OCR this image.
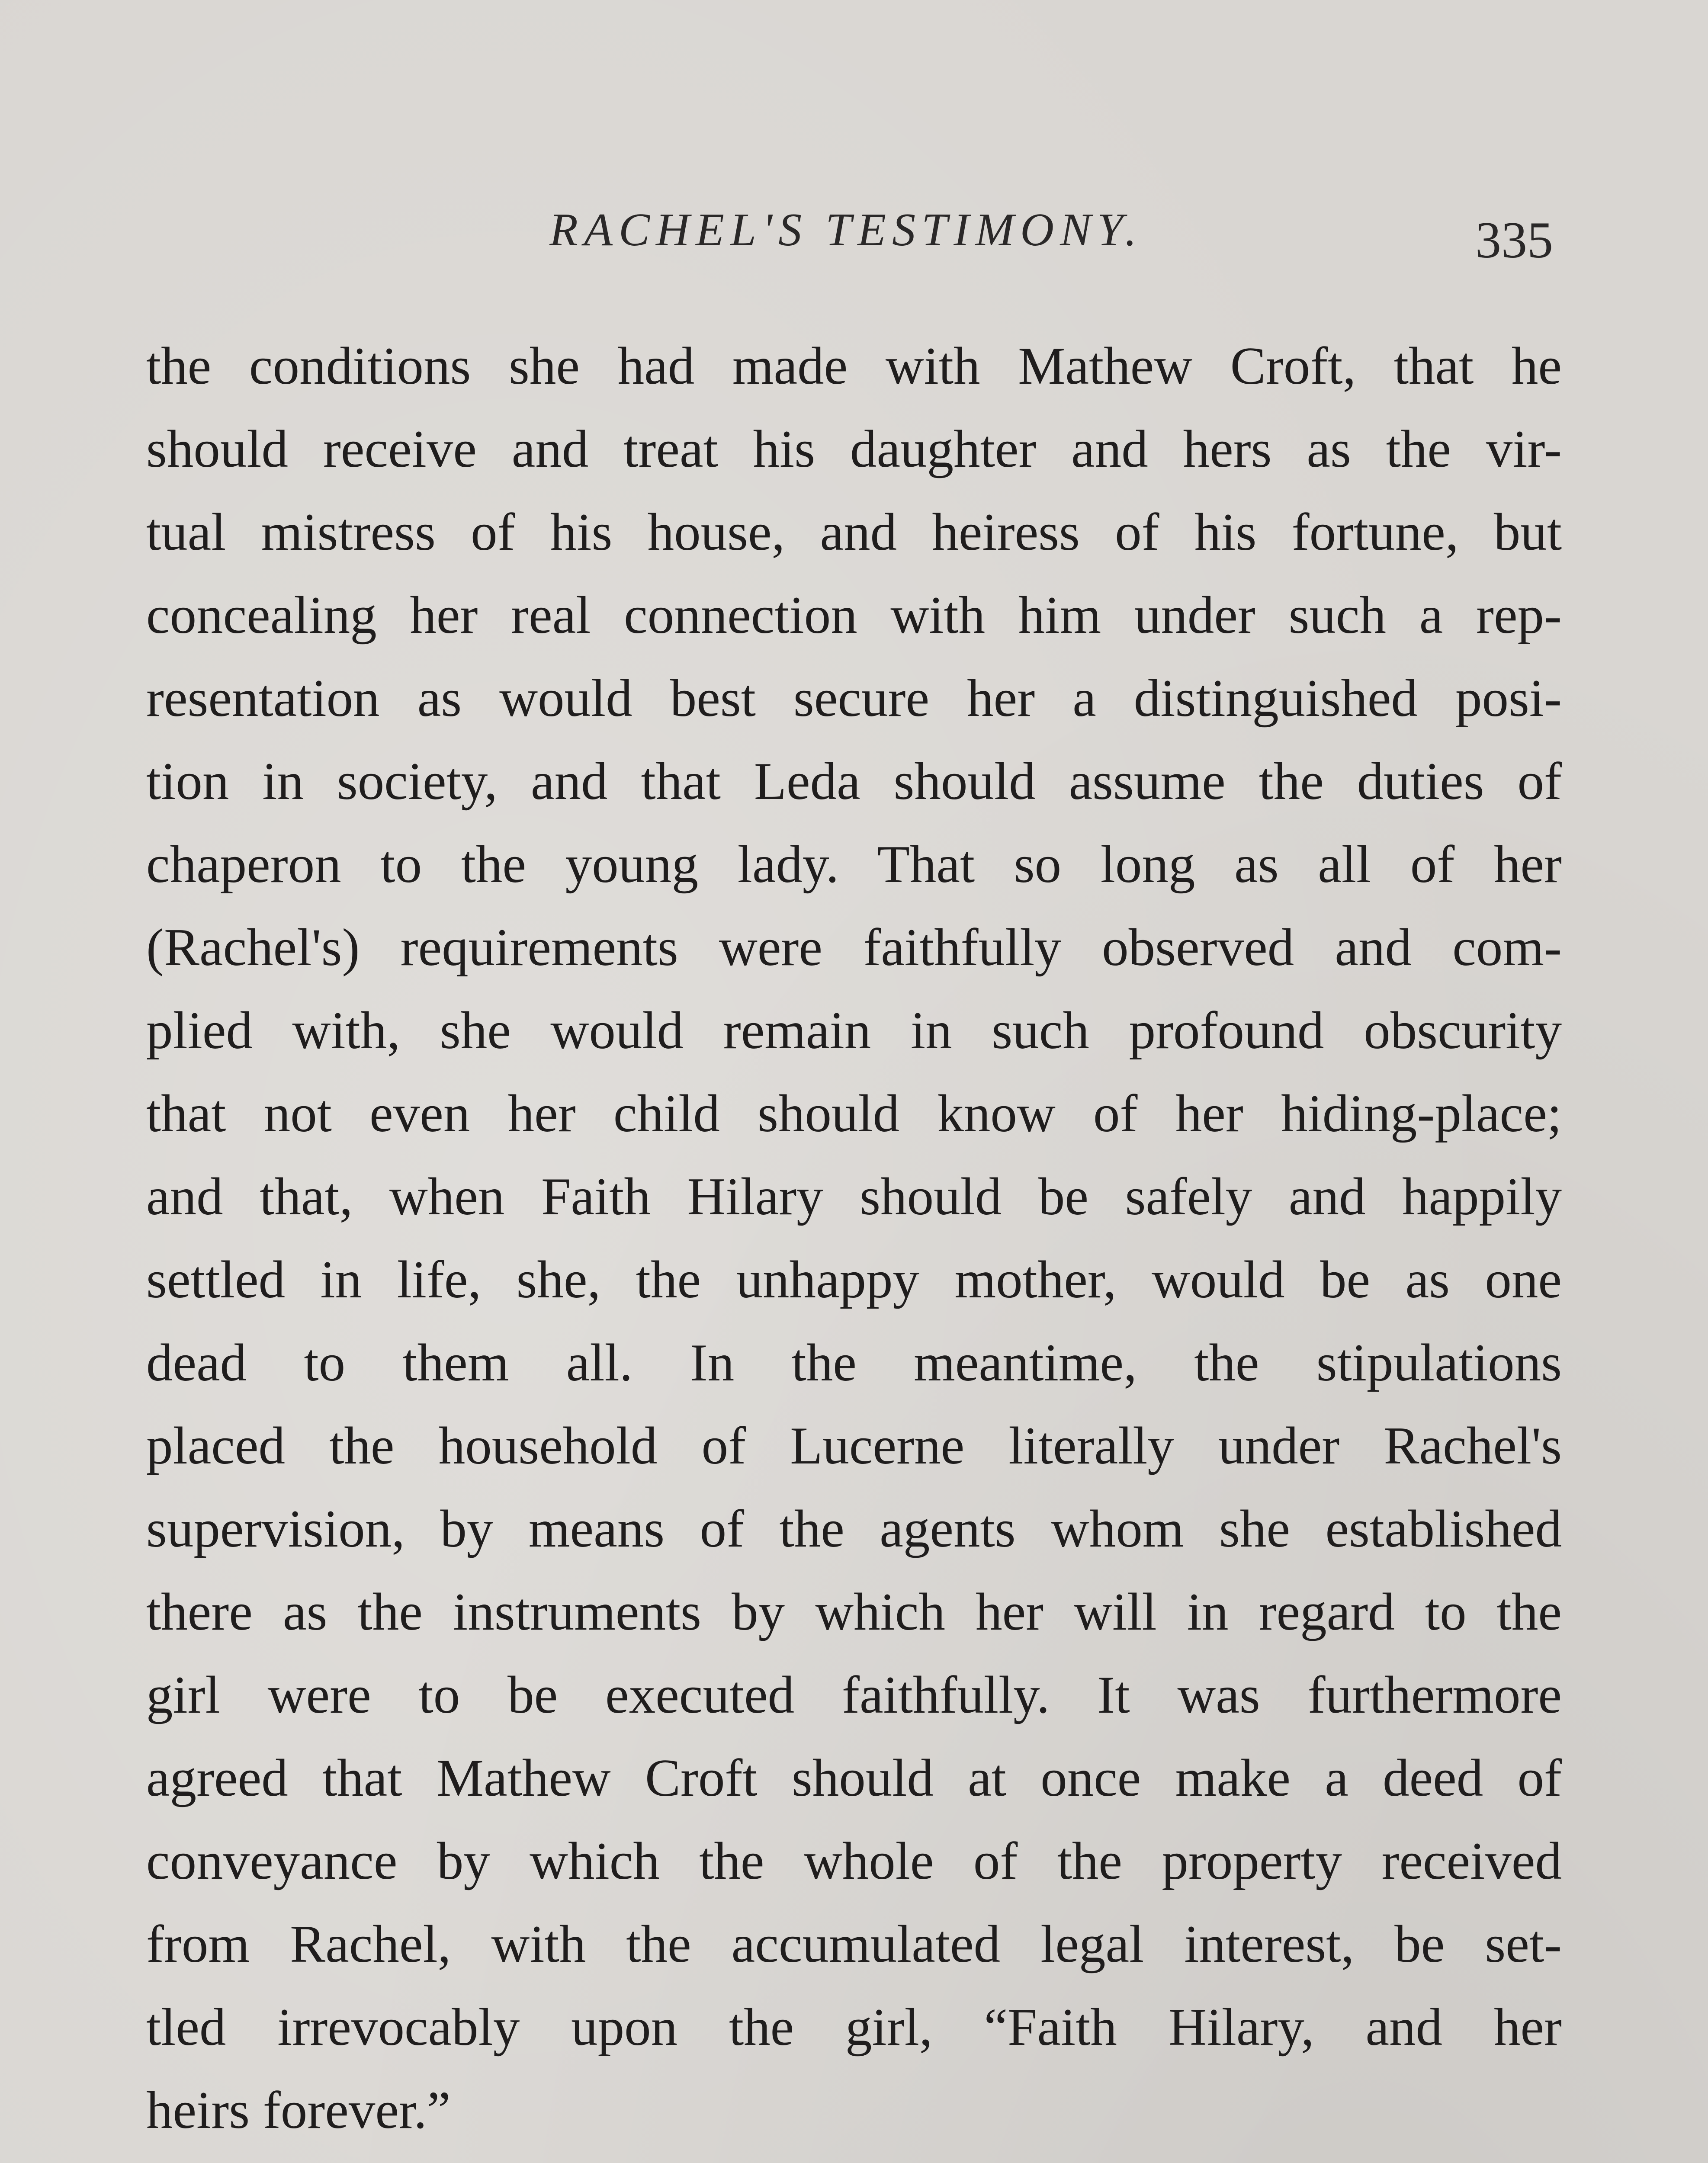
RACHEL'S TESTIMONY.	335
the conditions she had made with Mathew Croft, that he
should receive and treat his daughter and hers as the vir-
tual mistress of his house, and heiress of his fortune, but
concealing her real connection with him under such a rep-
resentation as would best secure her a distinguished posi-
tion in society, and that Leda should assume the duties of
chaperon to the young lady. That so long as all of her
(Rachel's) requirements were faithfully observed and com-
plied with, she would remain in such profound obscurity
that not even her child should know of her hiding-place;
and that, when Faith Hilary should be safely and happily
settled in life, she, the unhappy mother, would be as one
dead to them all. In the meantime, the stipulations
placed the household of Lucerne literally under Rachel's
supervision, by means of the agents whom she established
there as the instruments by which her will in regard to the
girl were to be executed faithfully. It was furthermore
agreed that Mathew Croft should at once make a deed of
conveyance by which the whole of the property received
from Rachel, with the accumulated legal interest, be set-
tled irrevocably upon the girl, “Faith Hilary, and her
heirs forever.”
